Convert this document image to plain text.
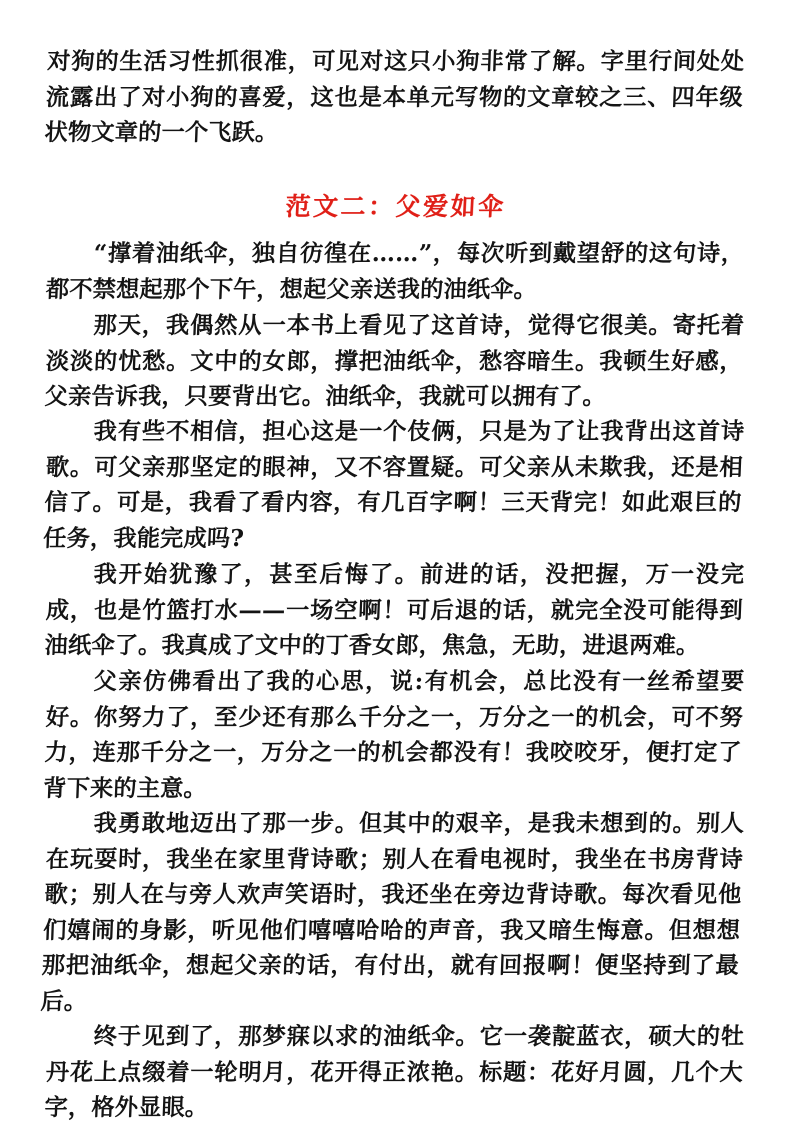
对狗的生活习性抓很准，可见对这只小狗非常了解。字里行间处处流露出了对小狗的喜爱，这也是本单元写物的文章较之三、四年级状物文章的一个飞跃。

范文二：父爱如伞

“撑着油纸伞，独自彷徨在……”，每次听到戴望舒的这句诗，都不禁想起那个下午，想起父亲送我的油纸伞。

那天，我偶然从一本书上看见了这首诗，觉得它很美。寄托着淡淡的忧愁。文中的女郎，撑把油纸伞，愁容暗生。我顿生好感，父亲告诉我，只要背出它。油纸伞，我就可以拥有了。

我有些不相信，担心这是一个伎俩，只是为了让我背出这首诗歌。可父亲那坚定的眼神，又不容置疑。可父亲从未欺我，还是相信了。可是，我看了看内容，有几百字啊！三天背完！如此艰巨的任务，我能完成吗?

我开始犹豫了，甚至后悔了。前进的话，没把握，万一没完成，也是竹篮打水——一场空啊！可后退的话，就完全没可能得到油纸伞了。我真成了文中的丁香女郎，焦急，无助，进退两难。

父亲仿佛看出了我的心思，说:有机会，总比没有一丝希望要好。你努力了，至少还有那么千分之一，万分之一的机会，可不努力，连那千分之一，万分之一的机会都没有！我咬咬牙，便打定了背下来的主意。

我勇敢地迈出了那一步。但其中的艰辛，是我未想到的。别人在玩耍时，我坐在家里背诗歌；别人在看电视时，我坐在书房背诗歌；别人在与旁人欢声笑语时，我还坐在旁边背诗歌。每次看见他们嬉闹的身影，听见他们嘻嘻哈哈的声音，我又暗生悔意。但想想那把油纸伞，想起父亲的话，有付出，就有回报啊！便坚持到了最后。

终于见到了，那梦寐以求的油纸伞。它一袭靛蓝衣，硕大的牡丹花上点缀着一轮明月，花开得正浓艳。标题：花好月圆，几个大字，格外显眼。
